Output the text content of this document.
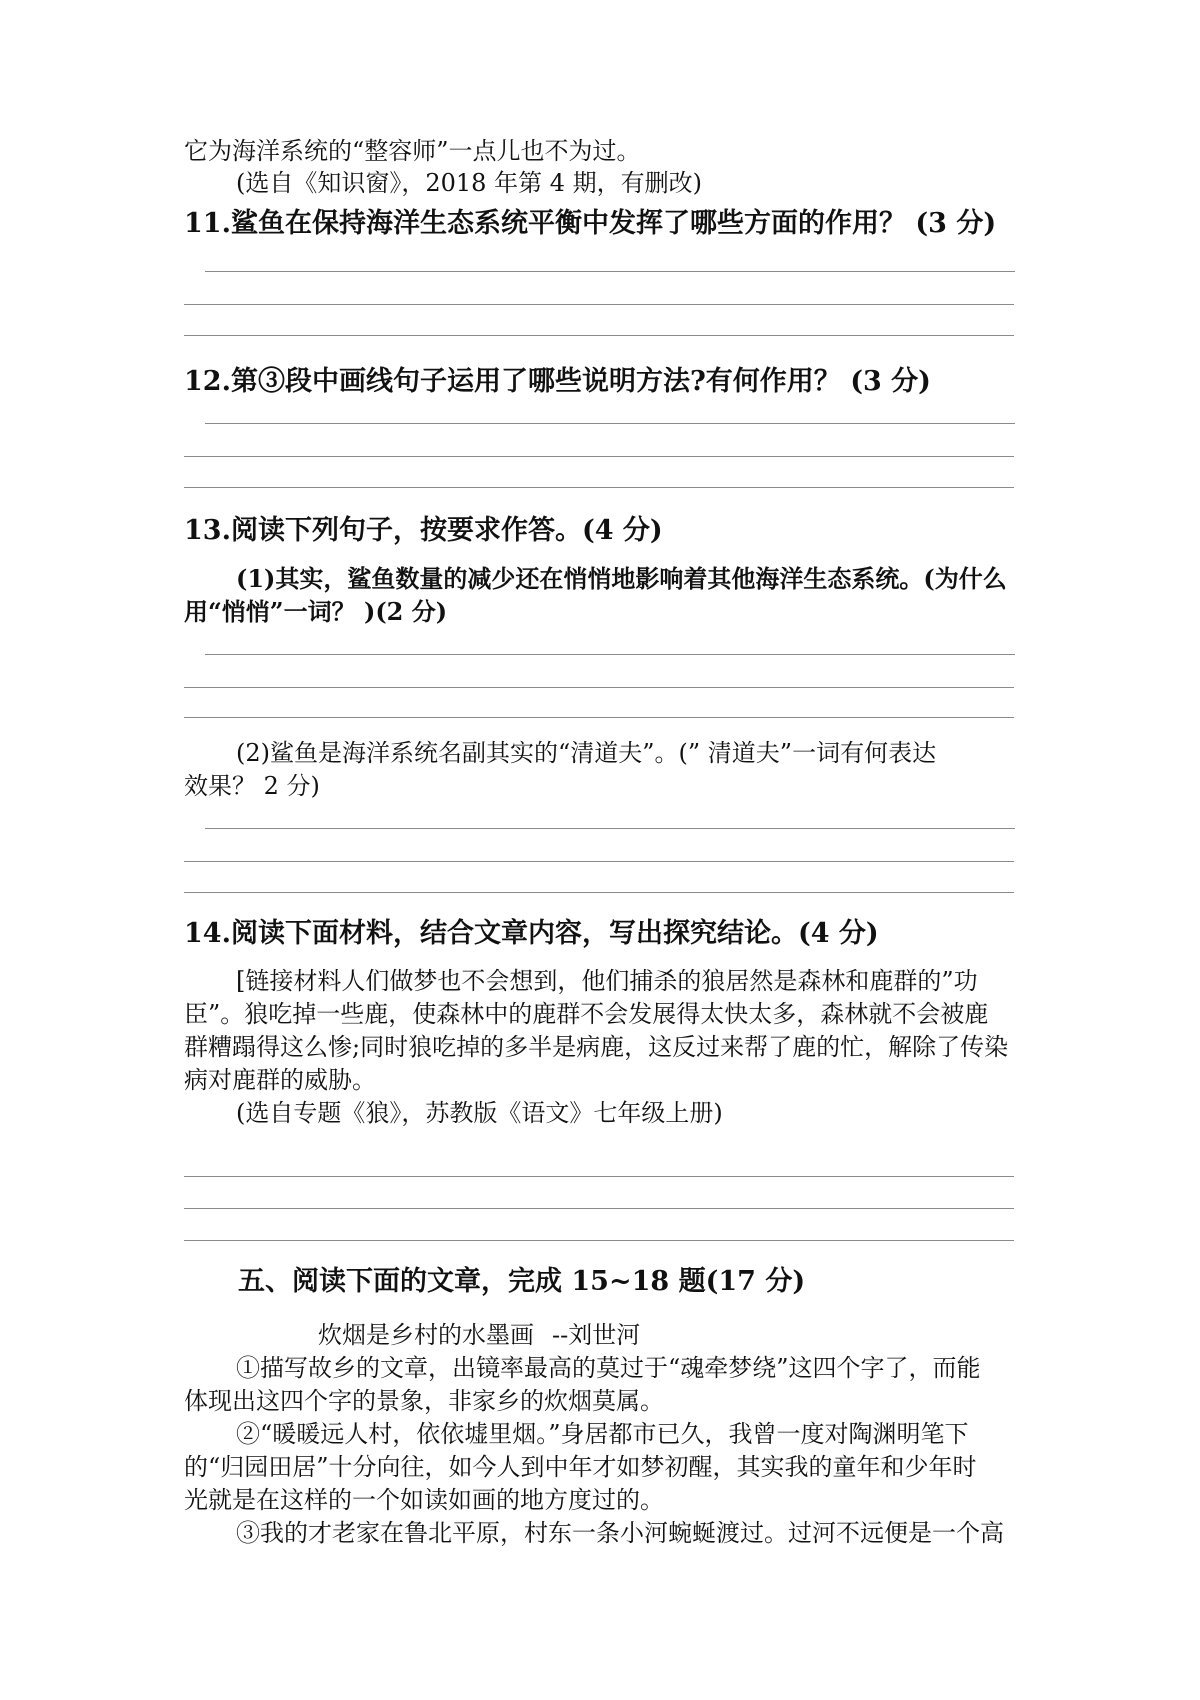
它为海洋系统的“整容师”一点儿也不为过。
(选自《知识窗》，2018 年第 4 期，有删改)
11.鲨鱼在保持海洋生态系统平衡中发挥了哪些方面的作用？ (3 分)
12.第③段中画线句子运用了哪些说明方法?有何作用？ (3 分)
13.阅读下列句子，按要求作答。(4 分)
(1)其实，鲨鱼数量的减少还在悄悄地影响着其他海洋生态系统。(为什么
用“悄悄”一词？ )(2 分)
(2)鲨鱼是海洋系统名副其实的“清道夫”。(” 清道夫”一词有何表达
效果？ 2 分)
14.阅读下面材料，结合文章内容，写出探究结论。(4 分)
[链接材料人们做梦也不会想到，他们捕杀的狼居然是森林和鹿群的”功
臣”。狼吃掉一些鹿，使森林中的鹿群不会发展得太快太多，森林就不会被鹿
群糟蹋得这么惨;同时狼吃掉的多半是病鹿，这反过来帮了鹿的忙，解除了传染
病对鹿群的威胁。
(选自专题《狼》，苏教版《语文》七年级上册)
五、阅读下面的文章，完成 15~18 题(17 分)
炊烟是乡村的水墨画 --刘世河
①描写故乡的文章，出镜率最高的莫过于“魂牵梦绕”这四个字了，而能
体现出这四个字的景象，非家乡的炊烟莫属。
②“暖暖远人村，依依墟里烟。”身居都市已久，我曾一度对陶渊明笔下
的“归园田居”十分向往，如今人到中年才如梦初醒，其实我的童年和少年时
光就是在这样的一个如读如画的地方度过的。
③我的才老家在鲁北平原，村东一条小河蜿蜒渡过。过河不远便是一个高
